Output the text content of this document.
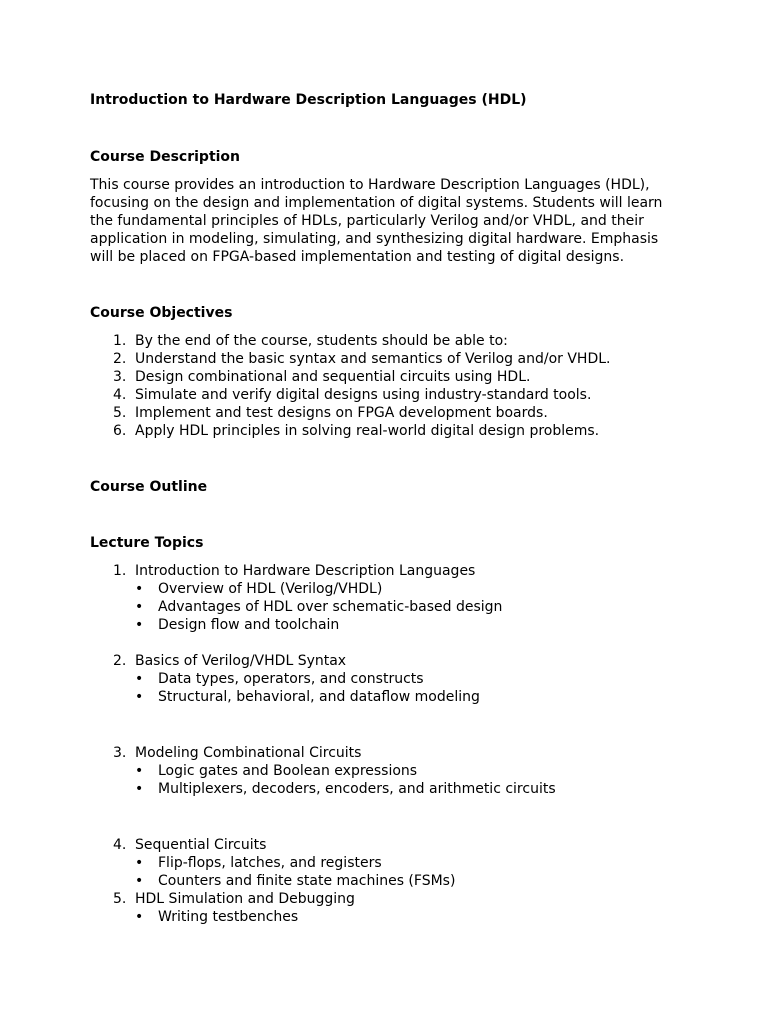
Introduction to Hardware Description Languages (HDL)
Course Description
This course provides an introduction to Hardware Description Languages (HDL), focusing on the design and implementation of digital systems. Students will learn the fundamental principles of HDLs, particularly Verilog and/or VHDL, and their application in modeling, simulating, and synthesizing digital hardware. Emphasis will be placed on FPGA-based implementation and testing of digital designs.
Course Objectives
1. By the end of the course, students should be able to:
2. Understand the basic syntax and semantics of Verilog and/or VHDL.
3. Design combinational and sequential circuits using HDL.
4. Simulate and verify digital designs using industry-standard tools.
5. Implement and test designs on FPGA development boards.
6. Apply HDL principles in solving real-world digital design problems.
Course Outline
Lecture Topics
1. Introduction to Hardware Description Languages
• Overview of HDL (Verilog/VHDL)
• Advantages of HDL over schematic-based design
• Design flow and toolchain
2. Basics of Verilog/VHDL Syntax
• Data types, operators, and constructs
• Structural, behavioral, and dataflow modeling
3. Modeling Combinational Circuits
• Logic gates and Boolean expressions
• Multiplexers, decoders, encoders, and arithmetic circuits
4. Sequential Circuits
• Flip-flops, latches, and registers
• Counters and finite state machines (FSMs)
5. HDL Simulation and Debugging
• Writing testbenches
